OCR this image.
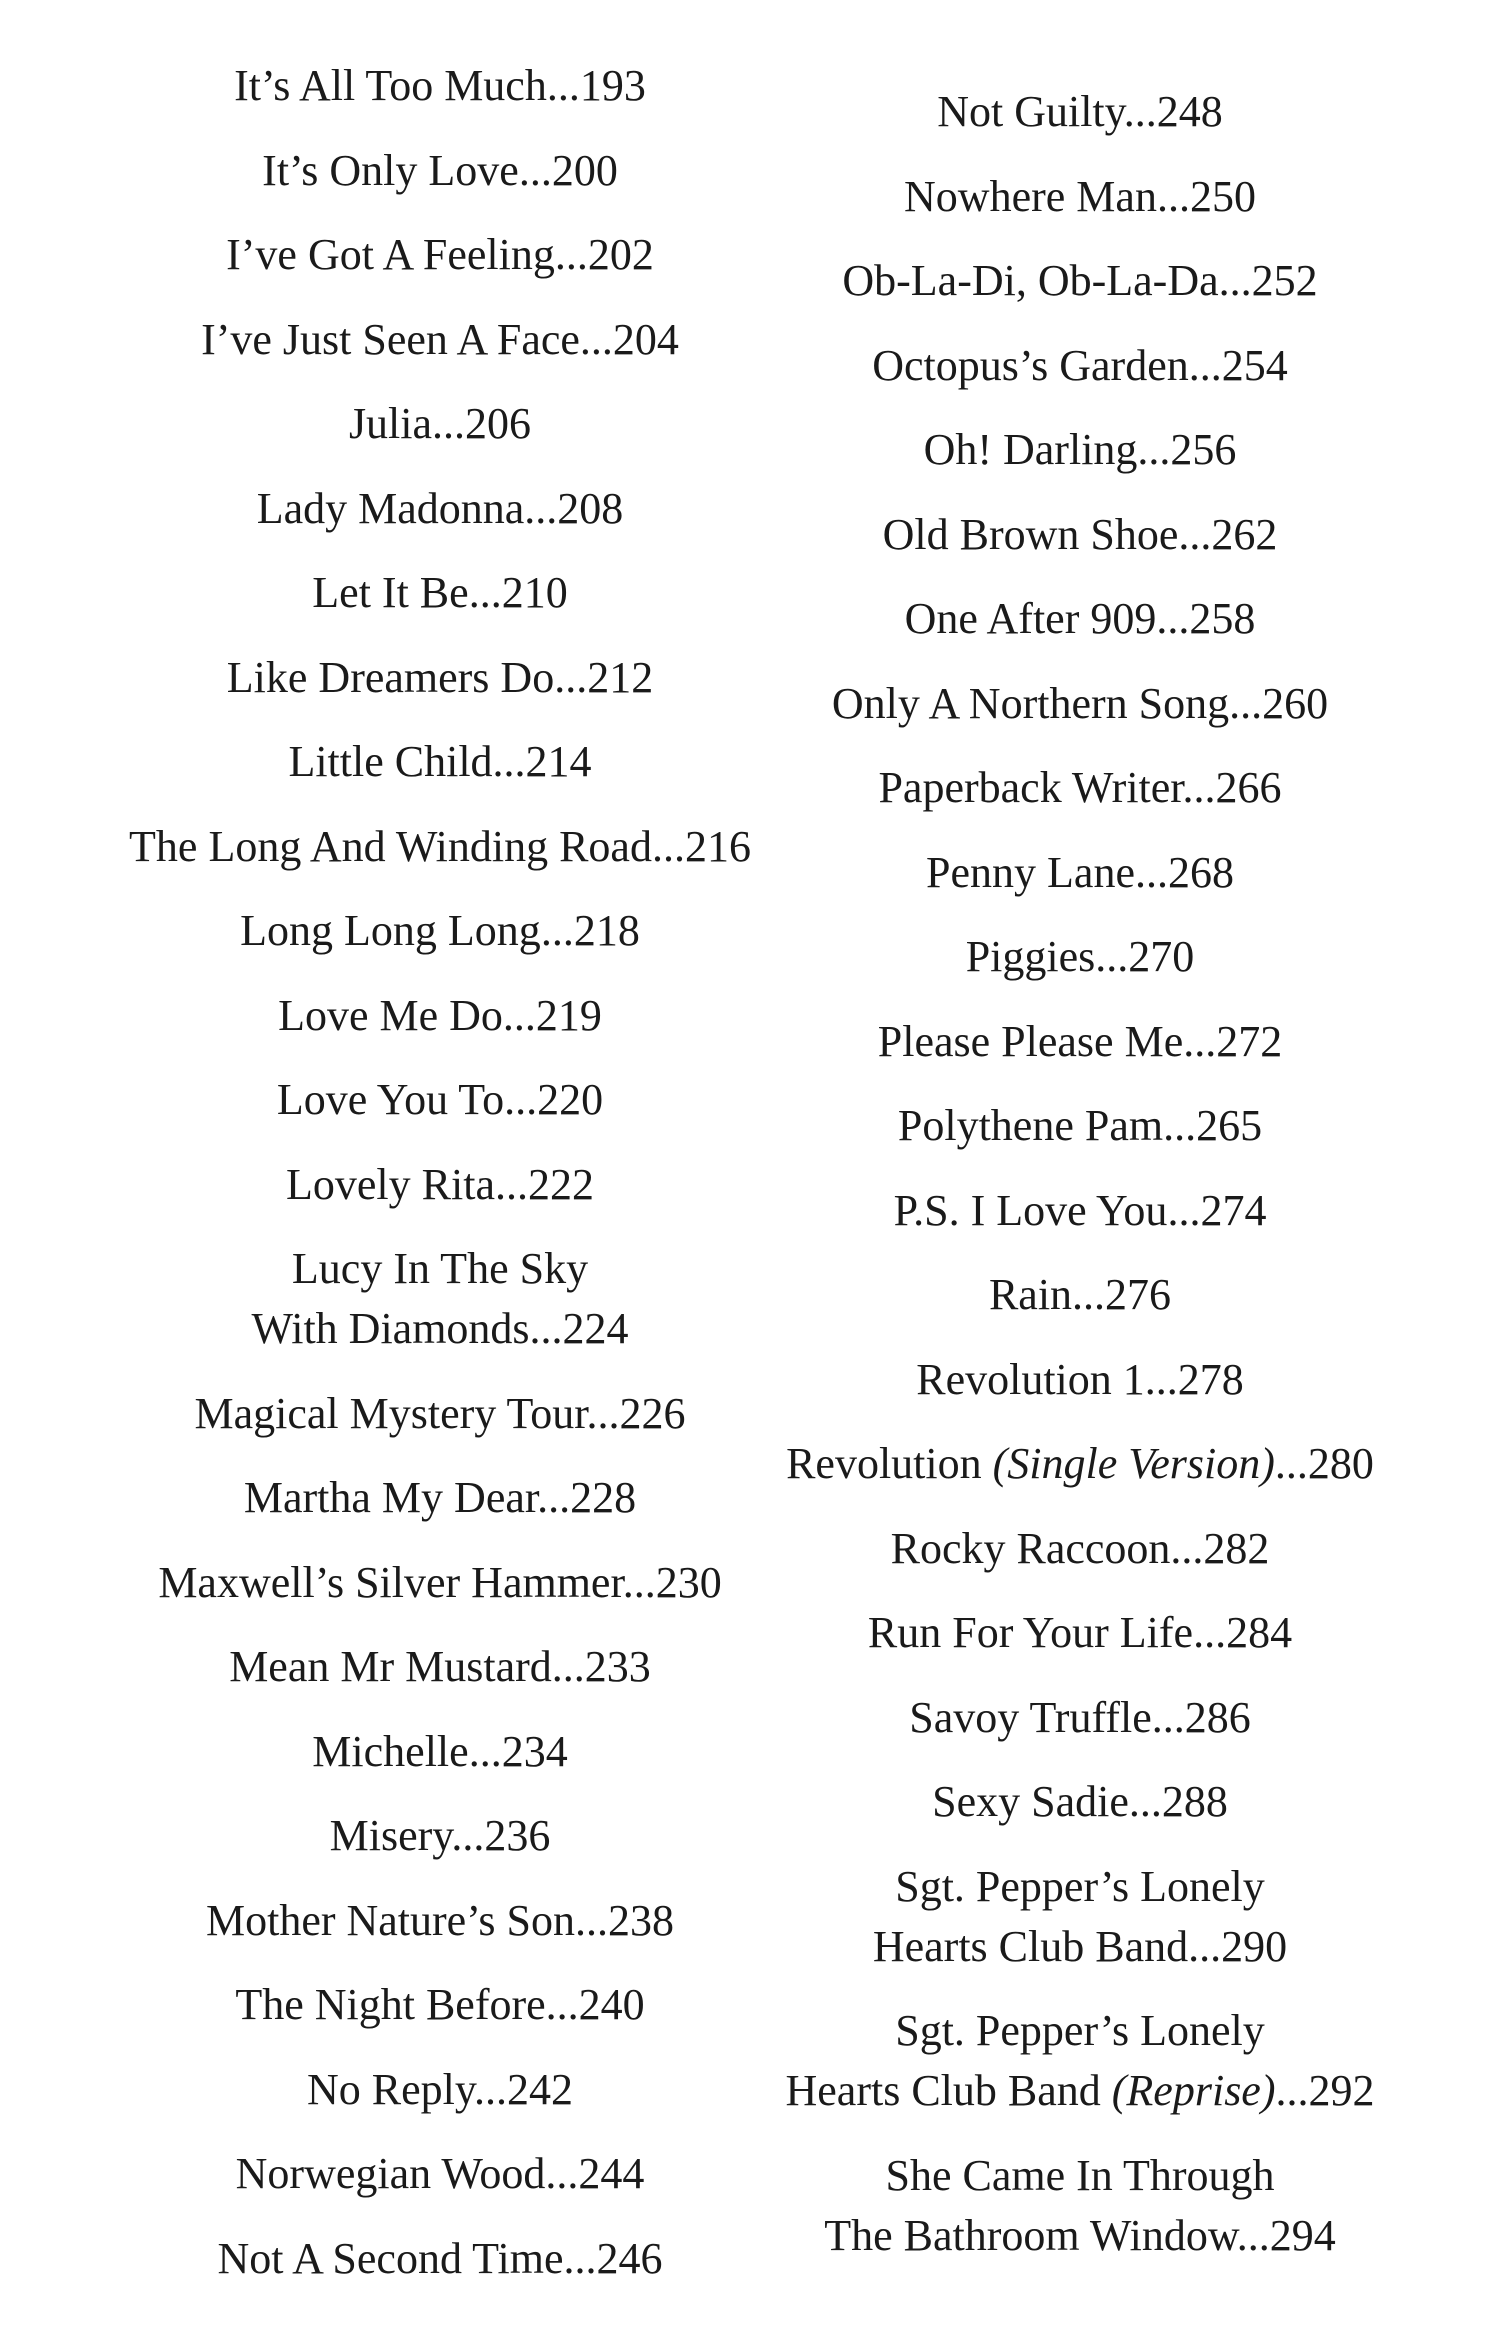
It’s All Too Much...193
It’s Only Love...200
I’ve Got A Feeling...202
I’ve Just Seen A Face...204
Julia...206
Lady Madonna...208
Let It Be...210
Like Dreamers Do...212
Little Child...214
The Long And Winding Road...216
Long Long Long...218
Love Me Do...219
Love You To...220
Lovely Rita...222
Lucy In The Sky
With Diamonds...224
Magical Mystery Tour...226
Martha My Dear...228
Maxwell’s Silver Hammer...230
Mean Mr Mustard...233
Michelle...234
Misery...236
Mother Nature’s Son...238
The Night Before...240
No Reply...242
Norwegian Wood...244
Not A Second Time...246
Not Guilty...248
Nowhere Man...250
Ob-La-Di, Ob-La-Da...252
Octopus’s Garden...254
Oh! Darling...256
Old Brown Shoe...262
One After 909...258
Only A Northern Song...260
Paperback Writer...266
Penny Lane...268
Piggies...270
Please Please Me...272
Polythene Pam...265
P.S. I Love You...274
Rain...276
Revolution 1...278
Revolution (Single Version)...280
Rocky Raccoon...282
Run For Your Life...284
Savoy Truffle...286
Sexy Sadie...288
Sgt. Pepper’s Lonely
Hearts Club Band...290
Sgt. Pepper’s Lonely
Hearts Club Band (Reprise)...292
She Came In Through
The Bathroom Window...294
